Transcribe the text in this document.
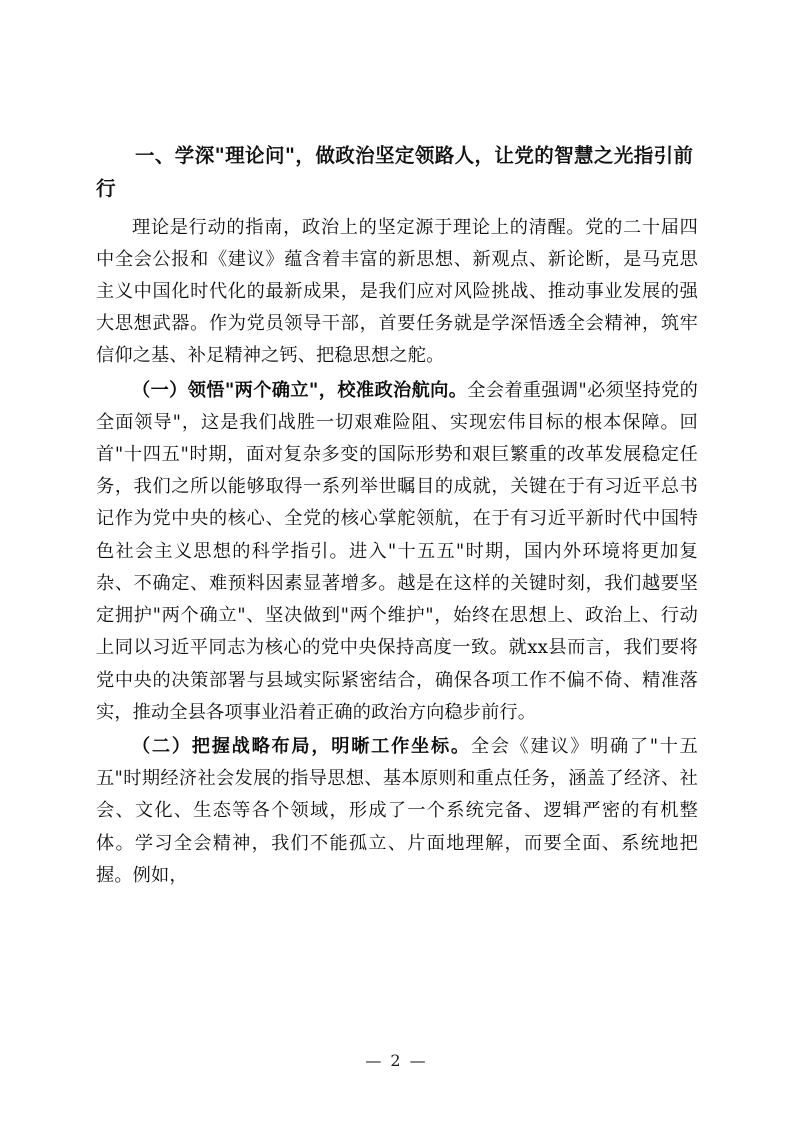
一、学深"理论问"，做政治坚定领路人，让党的智慧之光指引前行

理论是行动的指南，政治上的坚定源于理论上的清醒。党的二十届四中全会公报和《建议》蕴含着丰富的新思想、新观点、新论断，是马克思主义中国化时代化的最新成果，是我们应对风险挑战、推动事业发展的强大思想武器。作为党员领导干部，首要任务就是学深悟透全会精神，筑牢信仰之基、补足精神之钙、把稳思想之舵。

（一）领悟"两个确立"，校准政治航向。全会着重强调"必须坚持党的全面领导"，这是我们战胜一切艰难险阻、实现宏伟目标的根本保障。回首"十四五"时期，面对复杂多变的国际形势和艰巨繁重的改革发展稳定任务，我们之所以能够取得一系列举世瞩目的成就，关键在于有习近平总书记作为党中央的核心、全党的核心掌舵领航，在于有习近平新时代中国特色社会主义思想的科学指引。进入"十五五"时期，国内外环境将更加复杂、不确定、难预料因素显著增多。越是在这样的关键时刻，我们越要坚定拥护"两个确立"、坚决做到"两个维护"，始终在思想上、政治上、行动上同以习近平同志为核心的党中央保持高度一致。就xx县而言，我们要将党中央的决策部署与县域实际紧密结合，确保各项工作不偏不倚、精准落实，推动全县各项事业沿着正确的政治方向稳步前行。

（二）把握战略布局，明晰工作坐标。全会《建议》明确了"十五五"时期经济社会发展的指导思想、基本原则和重点任务，涵盖了经济、社会、文化、生态等各个领域，形成了一个系统完备、逻辑严密的有机整体。学习全会精神，我们不能孤立、片面地理解，而要全面、系统地把握。例如，

— 2 —
